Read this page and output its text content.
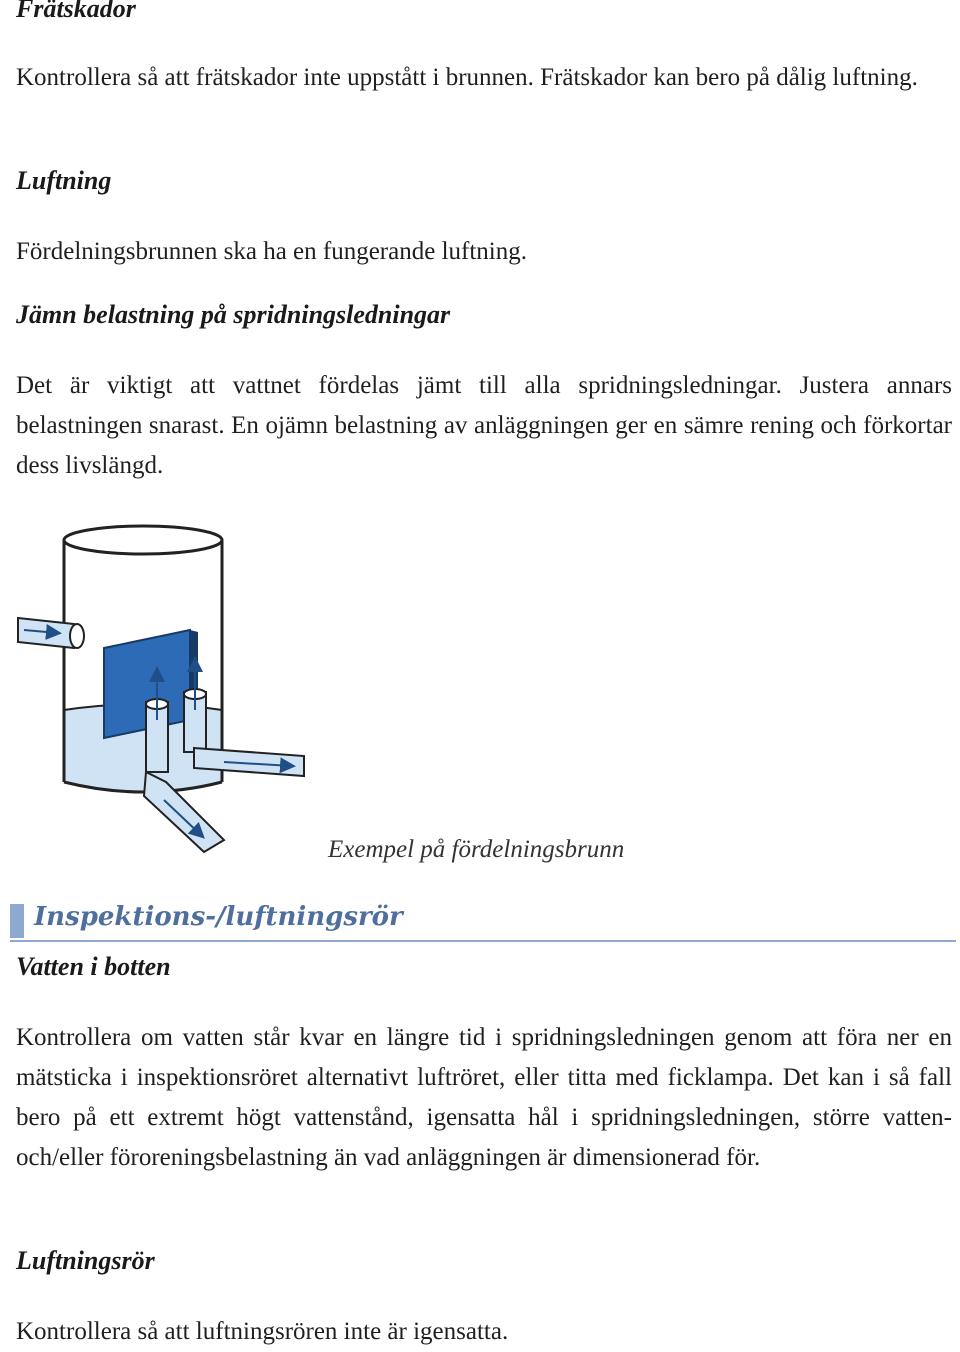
Frätskador

Kontrollera så att frätskador inte uppstått i brunnen. Frätskador kan bero på dålig luftning.

Luftning

Fördelningsbrunnen ska ha en fungerande luftning.

Jämn belastning på spridningsledningar

Det är viktigt att vattnet fördelas jämt till alla spridningsledningar. Justera annars belastningen snarast. En ojämn belastning av anläggningen ger en sämre rening och förkortar dess livslängd.

Exempel på fördelningsbrunn
Inspektions-/luftningsrör
Vatten i botten

Kontrollera om vatten står kvar en längre tid i spridningsledningen genom att föra ner en mätsticka i inspektionsröret alternativt luftröret, eller titta med ficklampa. Det kan i så fall bero på ett extremt högt vattenstånd, igensatta hål i spridningsledningen, större vatten- och/eller föroreningsbelastning än vad anläggningen är dimensionerad för.

Luftningsrör

Kontrollera så att luftningsrören inte är igensatta.
